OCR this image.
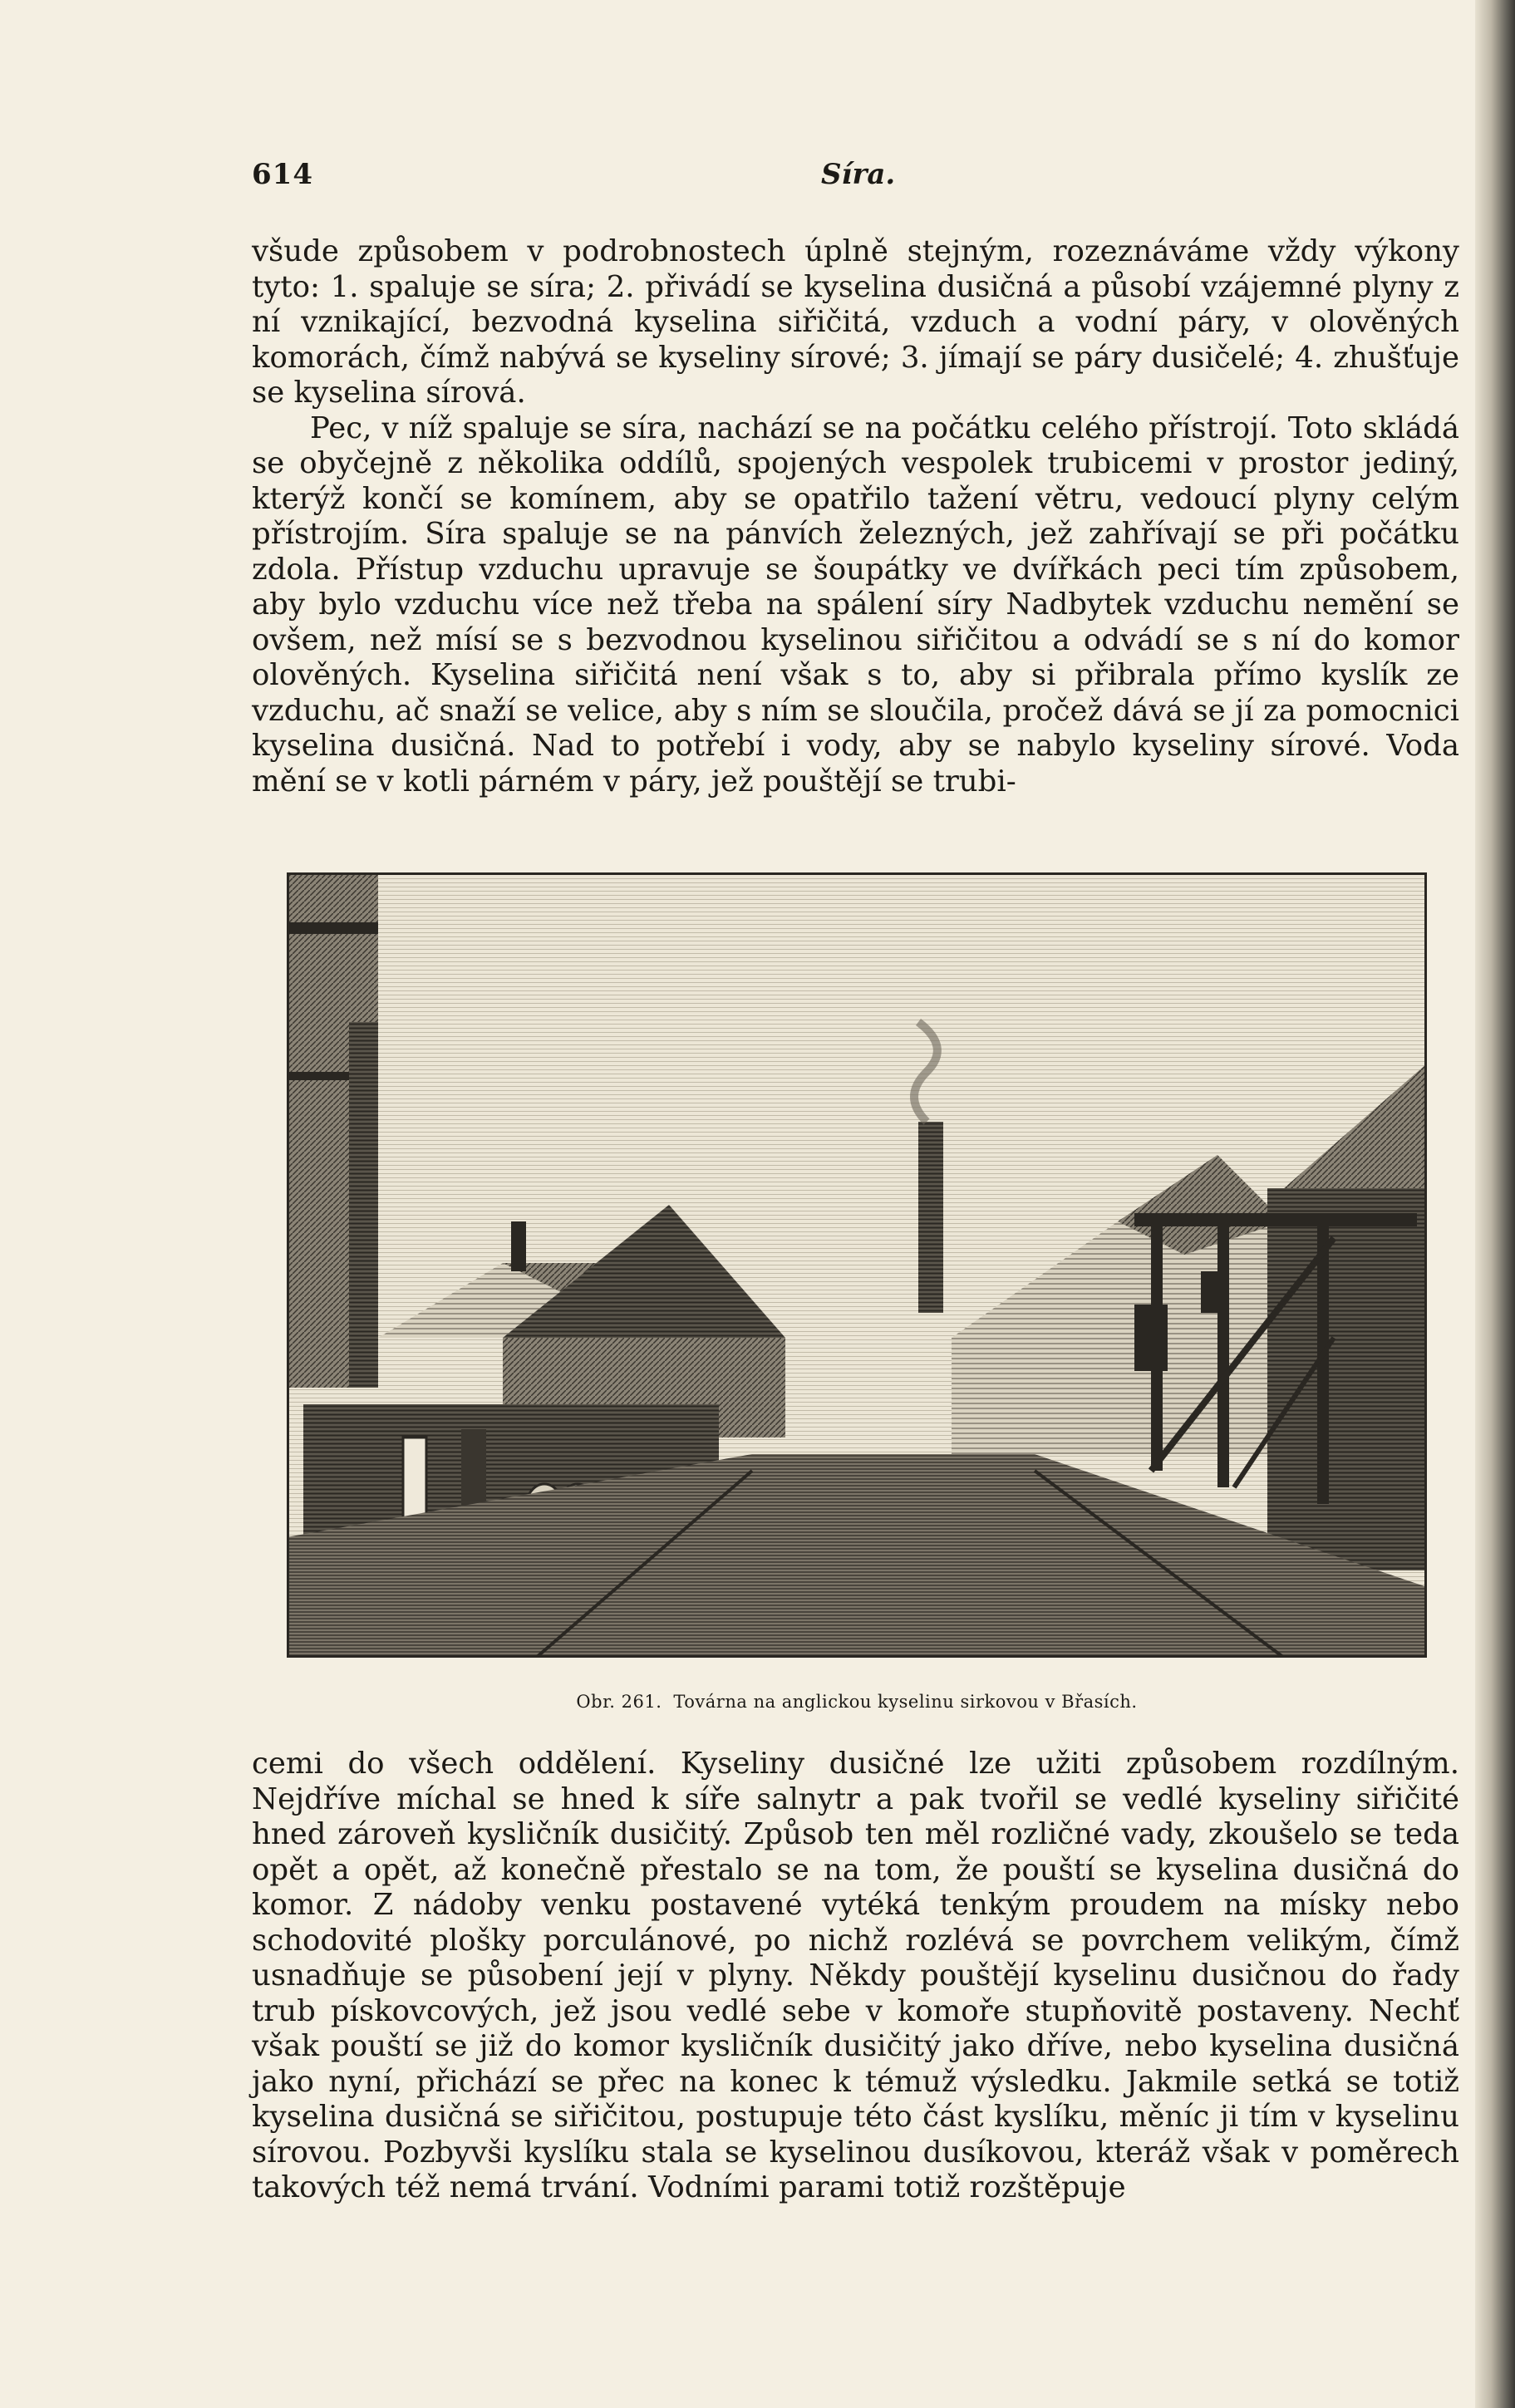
614	Síra.

všude způsobem v podrobnostech úplně stejným, rozeznáváme vždy výkony tyto: 1. spaluje se síra; 2. přivádí se kyselina dusičná a působí vzájemné plyny z ní vznikající, bezvodná kyselina siřičitá, vzduch a vodní páry, v olověných komorách, čímž nabývá se kyseliny sírové; 3. jímají se páry dusičelé; 4. zhušťuje se kyselina sírová.

Pec, v níž spaluje se síra, nachází se na počátku celého přístrojí. Toto skládá se obyčejně z několika oddílů, spojených vespolek trubicemi v prostor jediný, kterýž končí se komínem, aby se opatřilo tažení větru, vedoucí plyny celým přístrojím. Síra spaluje se na pánvích železných, jež zahřívají se při počátku zdola. Přístup vzduchu upravuje se šoupátky ve dvířkách peci tím způsobem, aby bylo vzduchu více než třeba na spálení síry Nadbytek vzduchu nemění se ovšem, než mísí se s bezvodnou kyselinou siřičitou a odvádí se s ní do komor olověných. Kyselina siřičitá není však s to, aby si přibrala přímo kyslík ze vzduchu, ač snaží se velice, aby s ním se sloučila, pročež dává se jí za pomocnici kyselina dusičná. Nad to potřebí i vody, aby se nabylo kyseliny sírové. Voda mění se v kotli párném v páry, jež pouštějí se trubi-

Obr. 261. Továrna na anglickou kyselinu sirkovou v Břasích.

cemi do všech oddělení. Kyseliny dusičné lze užiti způsobem rozdílným. Nejdříve míchal se hned k síře salnytr a pak tvořil se vedlé kyseliny siřičité hned zároveň kysličník dusičitý. Způsob ten měl rozličné vady, zkoušelo se teda opět a opět, až konečně přestalo se na tom, že pouští se kyselina dusičná do komor. Z nádoby venku postavené vytéká tenkým proudem na mísky nebo schodovité plošky porculánové, po nichž rozlévá se povrchem velikým, čímž usnadňuje se působení její v plyny. Někdy pouštějí kyselinu dusičnou do řady trub pískovcových, jež jsou vedlé sebe v komoře stupňovitě postaveny. Nechť však pouští se již do komor kysličník dusičitý jako dříve, nebo kyselina dusičná jako nyní, přichází se přec na konec k témuž výsledku. Jakmile setká se totiž kyselina dusičná se siřičitou, postupuje této část kyslíku, měníc ji tím v kyselinu sírovou. Pozbyvši kyslíku stala se kyselinou dusíkovou, kteráž však v poměrech takových též nemá trvání. Vodními parami totiž rozštěpuje
